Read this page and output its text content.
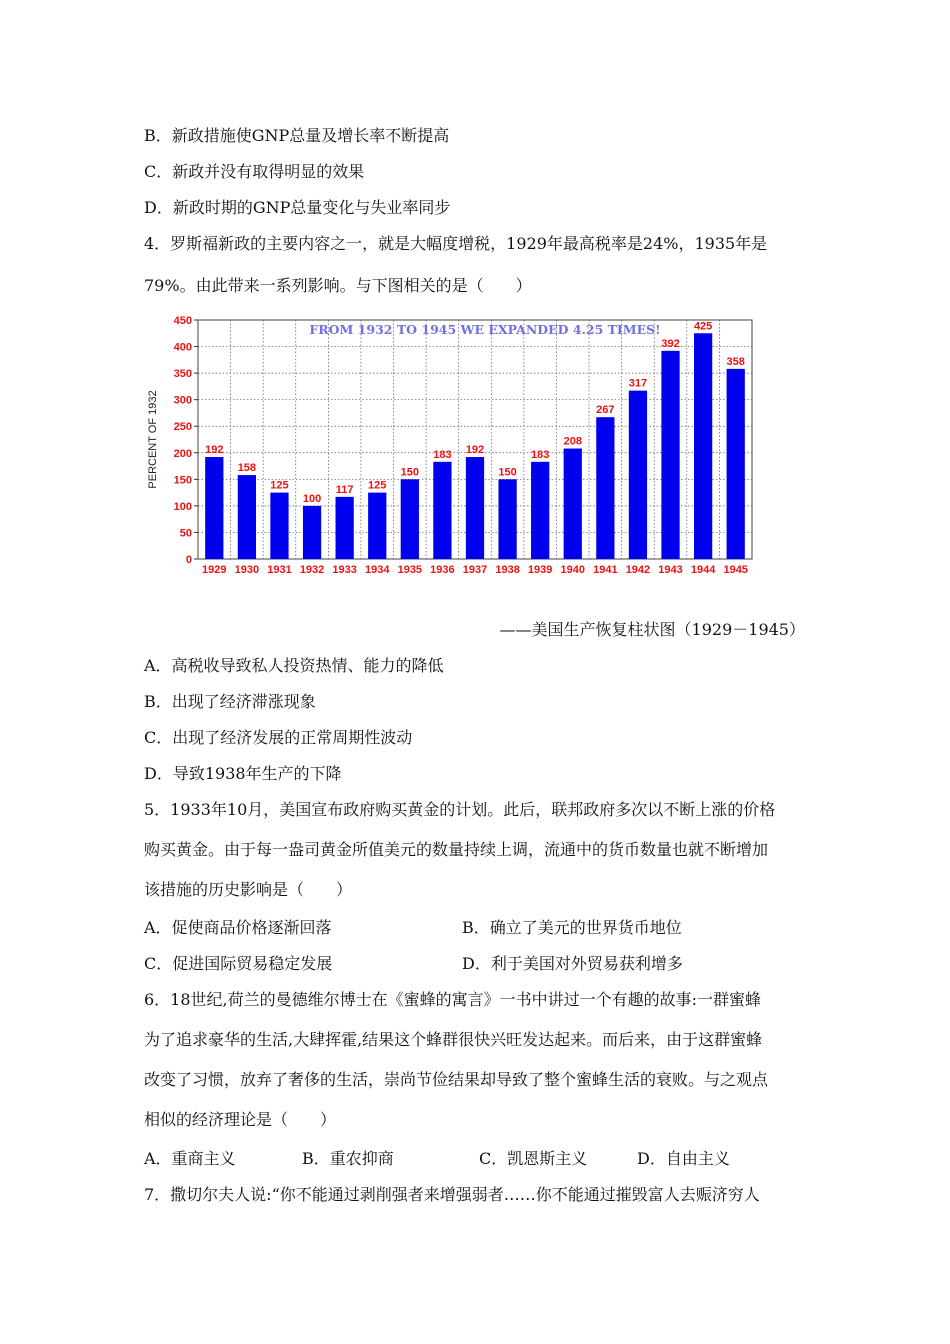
B．新政措施使GNP总量及增长率不断提高
C．新政并没有取得明显的效果
D．新政时期的GNP总量变化与失业率同步
4．罗斯福新政的主要内容之一，就是大幅度增税，1929年最高税率是24%，1935年是
79%。由此带来一系列影响。与下图相关的是（　　）
0
50
100
150
200
250
300
350
400
450
PERCENT OF 1932	192
1929
158
1930
125
1931
100
1932
117
1933
125
1934
150
1935
183
1936
192
1937
150
1938
183
1939
208
1940
267
1941
317
1942
392
1943
425
1944
358
1945
FROM 1932 TO 1945 WE EXPANDED 4.25 TIMES!
——美国生产恢复柱状图（1929－1945）
A．高税收导致私人投资热情、能力的降低
B．出现了经济滞涨现象
C．出现了经济发展的正常周期性波动
D．导致1938年生产的下降
5．1933年10月，美国宣布政府购买黄金的计划。此后，联邦政府多次以不断上涨的价格
购买黄金。由于每一盎司黄金所值美元的数量持续上调，流通中的货币数量也就不断增加
该措施的历史影响是（　　）
A．促使商品价格逐渐回落	B．确立了美元的世界货币地位
C．促进国际贸易稳定发展	D．利于美国对外贸易获利增多
6．18世纪,荷兰的曼德维尔博士在《蜜蜂的寓言》一书中讲过一个有趣的故事:一群蜜蜂
为了追求豪华的生活,大肆挥霍,结果这个蜂群很快兴旺发达起来。而后来，由于这群蜜蜂
改变了习惯，放弃了奢侈的生活，崇尚节俭结果却导致了整个蜜蜂生活的衰败。与之观点
相似的经济理论是（　　）
A．重商主义	B．重农抑商	C．凯恩斯主义	D．自由主义
7．撒切尔夫人说:“你不能通过剥削强者来增强弱者……你不能通过摧毁富人去赈济穷人
